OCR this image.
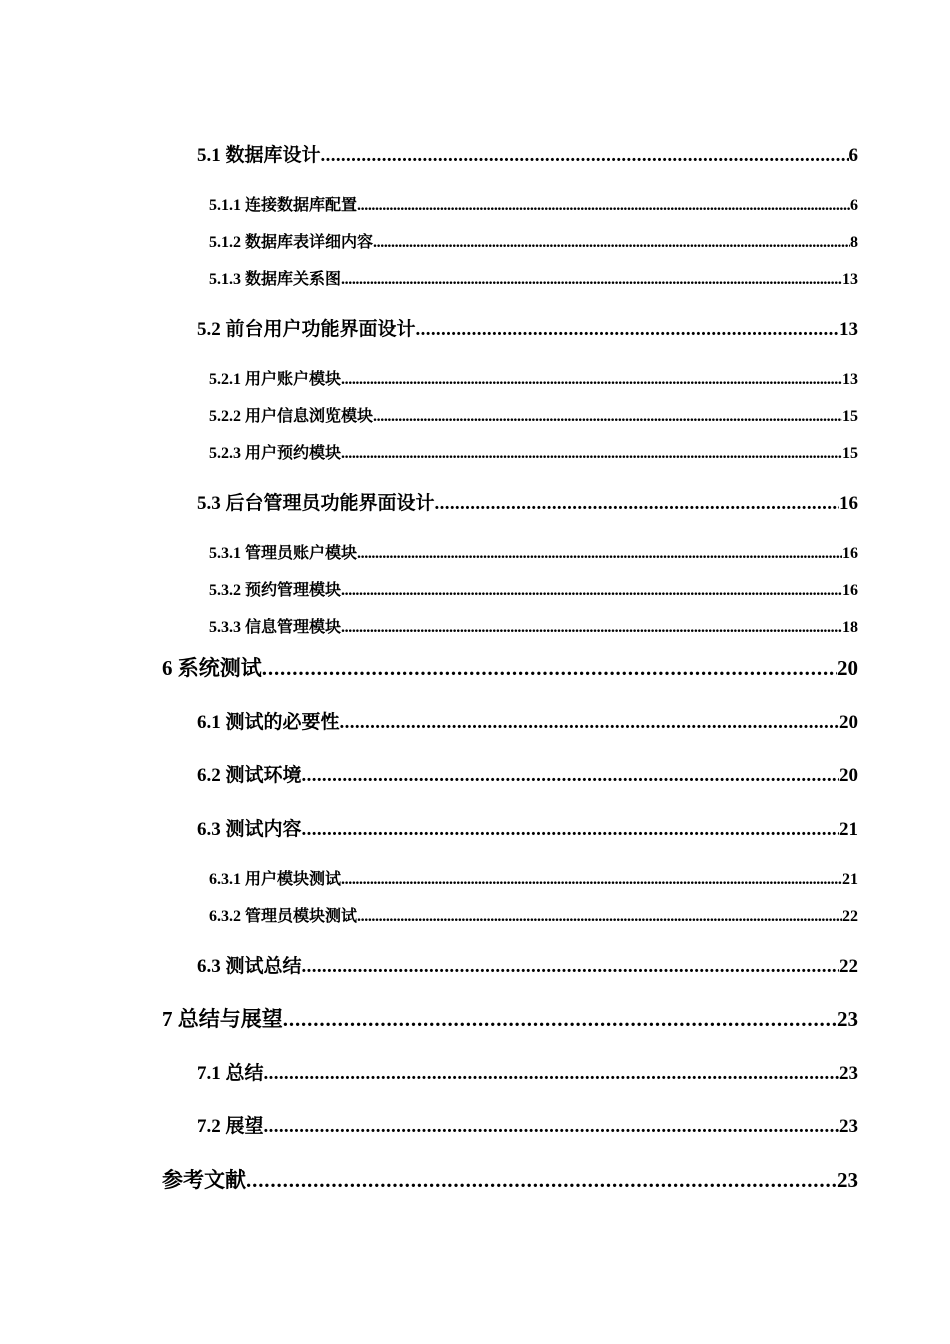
5.1 数据库设计 . . .	6
5.1.1 连接数据库配置 . . .	6
5.1.2 数据库表详细内容 . . .	8
5.1.3 数据库关系图 . . .	13
5.2 前台用户功能界面设计 . . .	13
5.2.1 用户账户模块 . . .	13
5.2.2 用户信息浏览模块 . . .	15
5.2.3 用户预约模块 . . .	15
5.3 后台管理员功能界面设计 . . .	16
5.3.1 管理员账户模块 . . .	16
5.3.2 预约管理模块 . . .	16
5.3.3 信息管理模块 . . .	18
6 系统测试 . . .	20
6.1 测试的必要性 . . .	20
6.2 测试环境 . . .	20
6.3 测试内容 . . .	21
6.3.1 用户模块测试 . . .	21
6.3.2 管理员模块测试 . . .	22
6.3 测试总结 . . .	22
7 总结与展望 . . .	23
7.1 总结 . . .	23
7.2 展望 . . .	23
参考文献 . . .	23
